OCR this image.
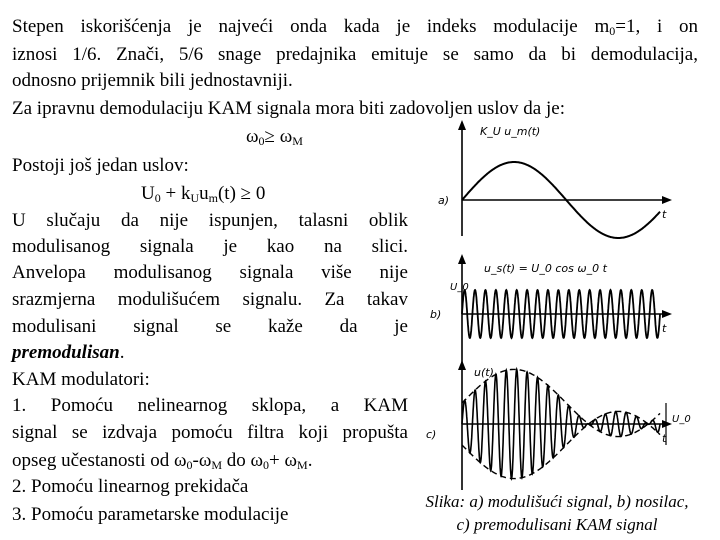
Stepen iskorišćenja je najveći onda kada je indeks modulacije $m_0=1$, i on
iznosi 1/6. Znači, 5/6 snage predajnika emituje se samo da bi demodulacija,
odnosno prijemnik bili jednostavniji.
Za ipravnu demodulaciju KAM signala mora biti zadovoljen uslov da je:
$\omega_0\ge \omega_M$
Postoji još jedan uslov:
$U_0 + k_Uu_m(t) \ge 0$
U slučaju da nije ispunjen, talasni oblik
modulisanog signala je kao na slici.
Anvelopa modulisanog signala više nije
srazmjerna modulišućem signalu. Za takav
modulisani signal se kaže da je
premodulisan.
KAM modulatori:
1. Pomoću nelinearnog sklopa, a KAM
signal se izdvaja pomoću filtra koji propušta
opseg učestanosti od $\omega_0-\omega_M$ do $\omega_0+ \omega_M$.
2. Pomoću linearnog prekidača
3. Pomoću parametarske modulacije
K_U u_m(t)
a)
t
u_s(t) = U_0 cos ω_0 t
U_0
b)
t
u(t)
c)	t
U_0
Slika: a) modulišući signal, b) nosilac,
c) premodulisani KAM signal
